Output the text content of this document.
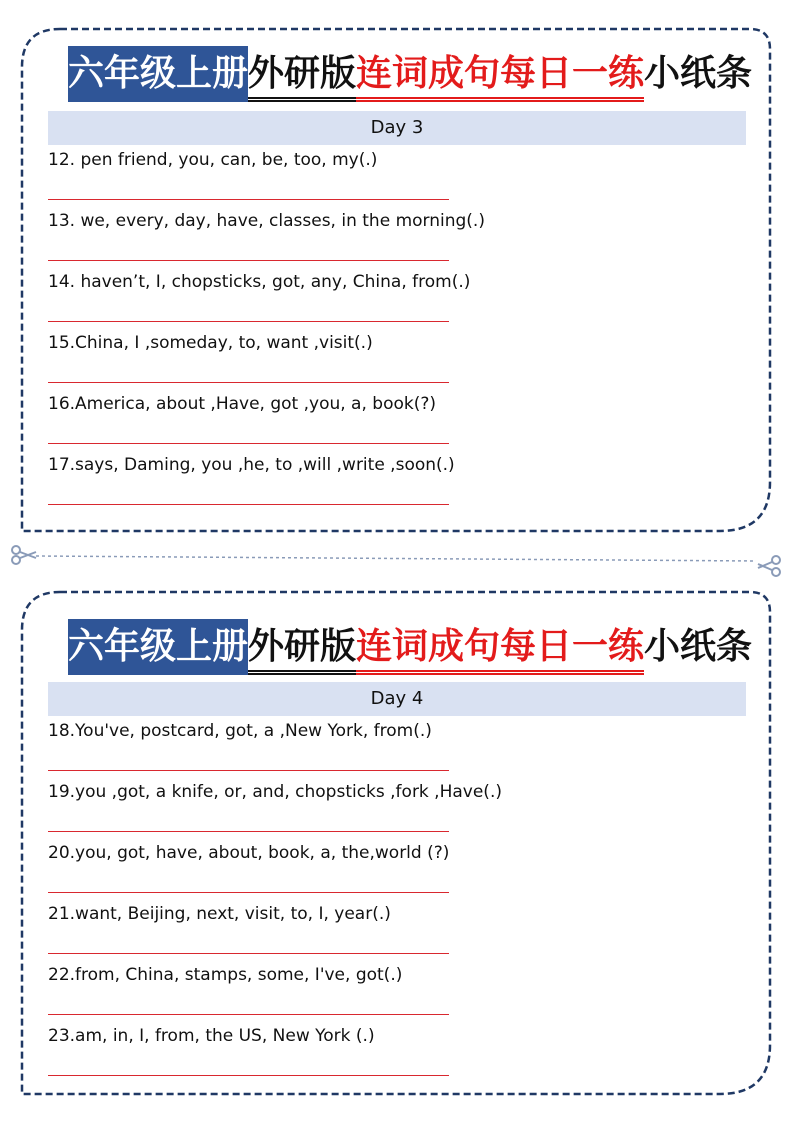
六年级上册外研版连词成句每日一练小纸条
Day 3
12. pen friend, you, can, be, too, my(.)
13. we, every, day, have, classes, in the morning(.)
14. haven’t, I, chopsticks, got, any, China, from(.)
15.China, I ,someday, to, want ,visit(.)
16.America, about ,Have, got ,you, a, book(?)
17.says, Daming, you ,he, to ,will ,write ,soon(.)
六年级上册外研版连词成句每日一练小纸条
Day 4
18.You've, postcard, got, a ,New York, from(.)
19.you ,got, a knife, or, and, chopsticks ,fork ,Have(.)
20.you, got, have, about, book, a, the,world (?)
21.want, Beijing, next, visit, to, I, year(.)
22.from, China, stamps, some, I've, got(.)
23.am, in, I, from, the US, New York (.)
